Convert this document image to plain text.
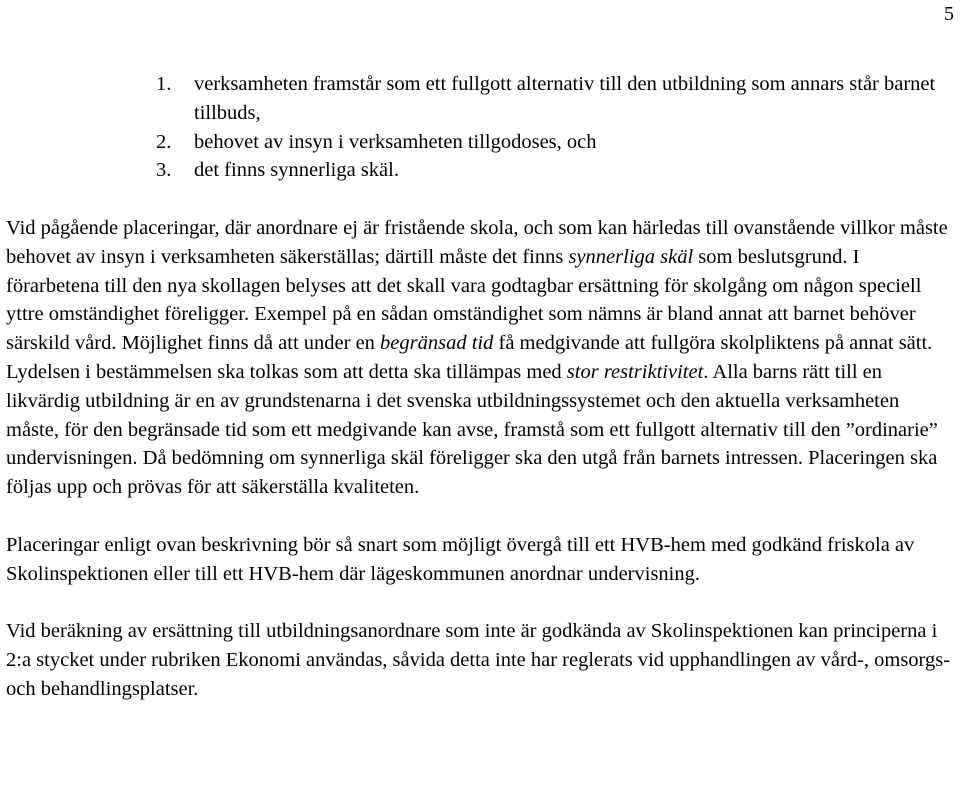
5
1. verksamheten framstår som ett fullgott alternativ till den utbildning som annars står barnet tillbuds,
2. behovet av insyn i verksamheten tillgodoses, och
3. det finns synnerliga skäl.

Vid pågående placeringar, där anordnare ej är fristående skola, och som kan härledas till ovanstående villkor måste behovet av insyn i verksamheten säkerställas; därtill måste det finns synnerliga skäl som beslutsgrund. I förarbetena till den nya skollagen belyses att det skall vara godtagbar ersättning för skolgång om någon speciell yttre omständighet föreligger. Exempel på en sådan omständighet som nämns är bland annat att barnet behöver särskild vård. Möjlighet finns då att under en begränsad tid få medgivande att fullgöra skolpliktens på annat sätt. Lydelsen i bestämmelsen ska tolkas som att detta ska tillämpas med stor restriktivitet. Alla barns rätt till en likvärdig utbildning är en av grundstenarna i det svenska utbildningssystemet och den aktuella verksamheten måste, för den begränsade tid som ett medgivande kan avse, framstå som ett fullgott alternativ till den ”ordinarie” undervisningen. Då bedömning om synnerliga skäl föreligger ska den utgå från barnets intressen. Placeringen ska följas upp och prövas för att säkerställa kvaliteten.

Placeringar enligt ovan beskrivning bör så snart som möjligt övergå till ett HVB-hem med godkänd friskola av Skolinspektionen eller till ett HVB-hem där lägeskommunen anordnar undervisning.

Vid beräkning av ersättning till utbildningsanordnare som inte är godkända av Skolinspektionen kan principerna i 2:a stycket under rubriken Ekonomi användas, såvida detta inte har reglerats vid upphandlingen av vård-, omsorgs- och behandlingsplatser.
